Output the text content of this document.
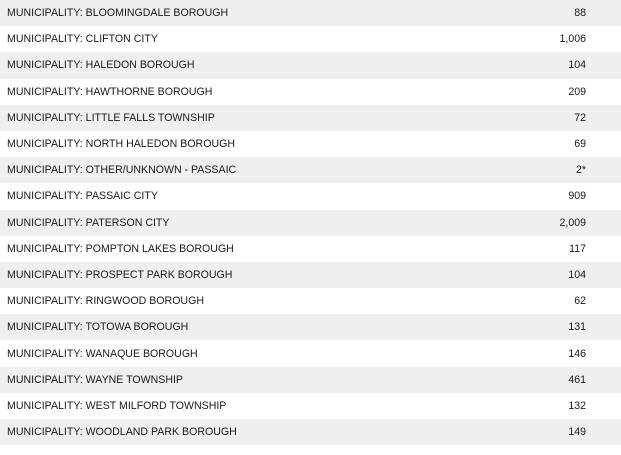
MUNICIPALITY: BLOOMINGDALE BOROUGH	88
MUNICIPALITY: CLIFTON CITY	1,006
MUNICIPALITY: HALEDON BOROUGH	104
MUNICIPALITY: HAWTHORNE BOROUGH	209
MUNICIPALITY: LITTLE FALLS TOWNSHIP	72
MUNICIPALITY: NORTH HALEDON BOROUGH	69
MUNICIPALITY: OTHER/UNKNOWN - PASSAIC	2*
MUNICIPALITY: PASSAIC CITY	909
MUNICIPALITY: PATERSON CITY	2,009
MUNICIPALITY: POMPTON LAKES BOROUGH	117
MUNICIPALITY: PROSPECT PARK BOROUGH	104
MUNICIPALITY: RINGWOOD BOROUGH	62
MUNICIPALITY: TOTOWA BOROUGH	131
MUNICIPALITY: WANAQUE BOROUGH	146
MUNICIPALITY: WAYNE TOWNSHIP	461
MUNICIPALITY: WEST MILFORD TOWNSHIP	132
MUNICIPALITY: WOODLAND PARK BOROUGH	149
